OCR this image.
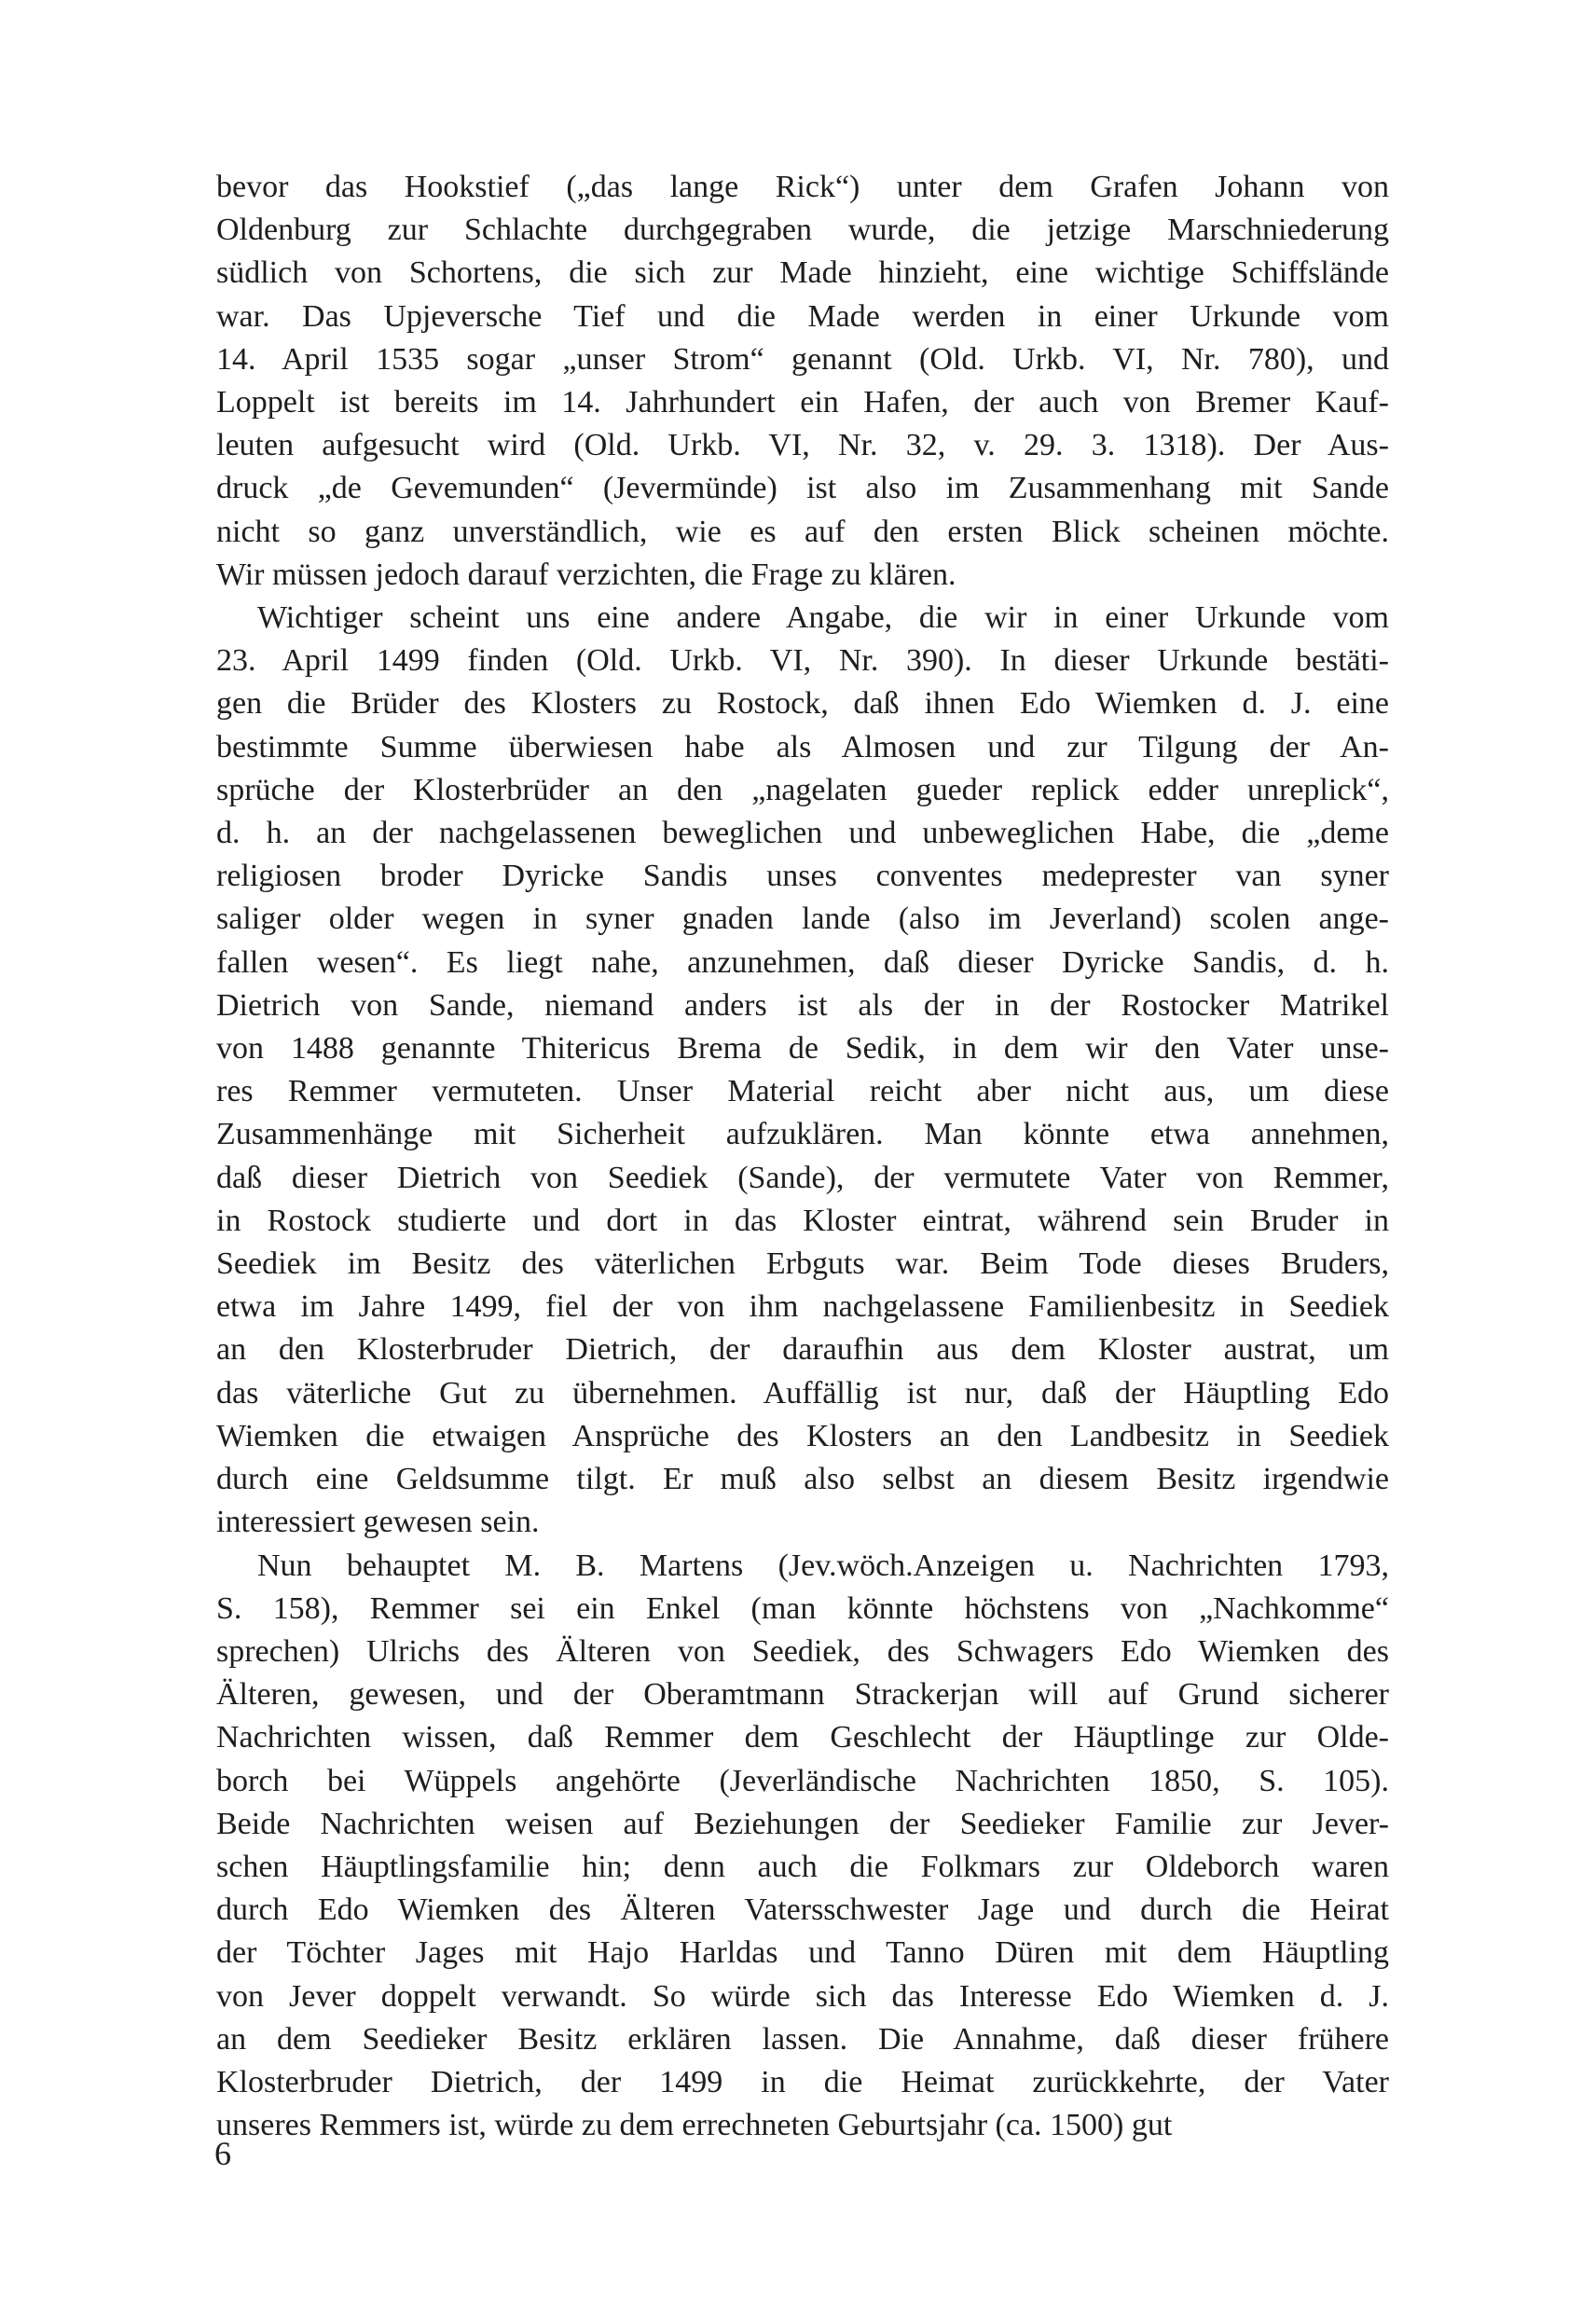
bevor das Hookstief („das lange Rick“) unter dem Grafen Johann von

Oldenburg zur Schlachte durchgegraben wurde, die jetzige Marschniederung

südlich von Schortens, die sich zur Made hinzieht, eine wichtige Schiffslände

war. Das Upjeversche Tief und die Made werden in einer Urkunde vom

14. April 1535 sogar „unser Strom“ genannt (Old. Urkb. VI, Nr. 780), und

Loppelt ist bereits im 14. Jahrhundert ein Hafen, der auch von Bremer Kauf-

leuten aufgesucht wird (Old. Urkb. VI, Nr. 32, v. 29. 3. 1318). Der Aus-

druck „de Gevemunden“ (Jevermünde) ist also im Zusammenhang mit Sande

nicht so ganz unverständlich, wie es auf den ersten Blick scheinen möchte.

Wir müssen jedoch darauf verzichten, die Frage zu klären.

Wichtiger scheint uns eine andere Angabe, die wir in einer Urkunde vom

23. April 1499 finden (Old. Urkb. VI, Nr. 390). In dieser Urkunde bestäti-

gen die Brüder des Klosters zu Rostock, daß ihnen Edo Wiemken d. J. eine

bestimmte Summe überwiesen habe als Almosen und zur Tilgung der An-

sprüche der Klosterbrüder an den „nagelaten gueder replick edder unreplick“,

d. h. an der nachgelassenen beweglichen und unbeweglichen Habe, die „deme

religiosen broder Dyricke Sandis unses conventes medeprester van syner

saliger older wegen in syner gnaden lande (also im Jeverland) scolen ange-

fallen wesen“. Es liegt nahe, anzunehmen, daß dieser Dyricke Sandis, d. h.

Dietrich von Sande, niemand anders ist als der in der Rostocker Matrikel

von 1488 genannte Thitericus Brema de Sedik, in dem wir den Vater unse-

res Remmer vermuteten. Unser Material reicht aber nicht aus, um diese

Zusammenhänge mit Sicherheit aufzuklären. Man könnte etwa annehmen,

daß dieser Dietrich von Seediek (Sande), der vermutete Vater von Remmer,

in Rostock studierte und dort in das Kloster eintrat, während sein Bruder in

Seediek im Besitz des väterlichen Erbguts war. Beim Tode dieses Bruders,

etwa im Jahre 1499, fiel der von ihm nachgelassene Familienbesitz in Seediek

an den Klosterbruder Dietrich, der daraufhin aus dem Kloster austrat, um

das väterliche Gut zu übernehmen. Auffällig ist nur, daß der Häuptling Edo

Wiemken die etwaigen Ansprüche des Klosters an den Landbesitz in Seediek

durch eine Geldsumme tilgt. Er muß also selbst an diesem Besitz irgendwie

interessiert gewesen sein.

Nun behauptet M. B. Martens (Jev.wöch.Anzeigen u. Nachrichten 1793,

S. 158), Remmer sei ein Enkel (man könnte höchstens von „Nachkomme“

sprechen) Ulrichs des Älteren von Seediek, des Schwagers Edo Wiemken des

Älteren, gewesen, und der Oberamtmann Strackerjan will auf Grund sicherer

Nachrichten wissen, daß Remmer dem Geschlecht der Häuptlinge zur Olde-

borch bei Wüppels angehörte (Jeverländische Nachrichten 1850, S. 105).

Beide Nachrichten weisen auf Beziehungen der Seedieker Familie zur Jever-

schen Häuptlingsfamilie hin; denn auch die Folkmars zur Oldeborch waren

durch Edo Wiemken des Älteren Vatersschwester Jage und durch die Heirat

der Töchter Jages mit Hajo Harldas und Tanno Düren mit dem Häuptling

von Jever doppelt verwandt. So würde sich das Interesse Edo Wiemken d. J.

an dem Seedieker Besitz erklären lassen. Die Annahme, daß dieser frühere

Klosterbruder Dietrich, der 1499 in die Heimat zurückkehrte, der Vater

unseres Remmers ist, würde zu dem errechneten Geburtsjahr (ca. 1500) gut

6
